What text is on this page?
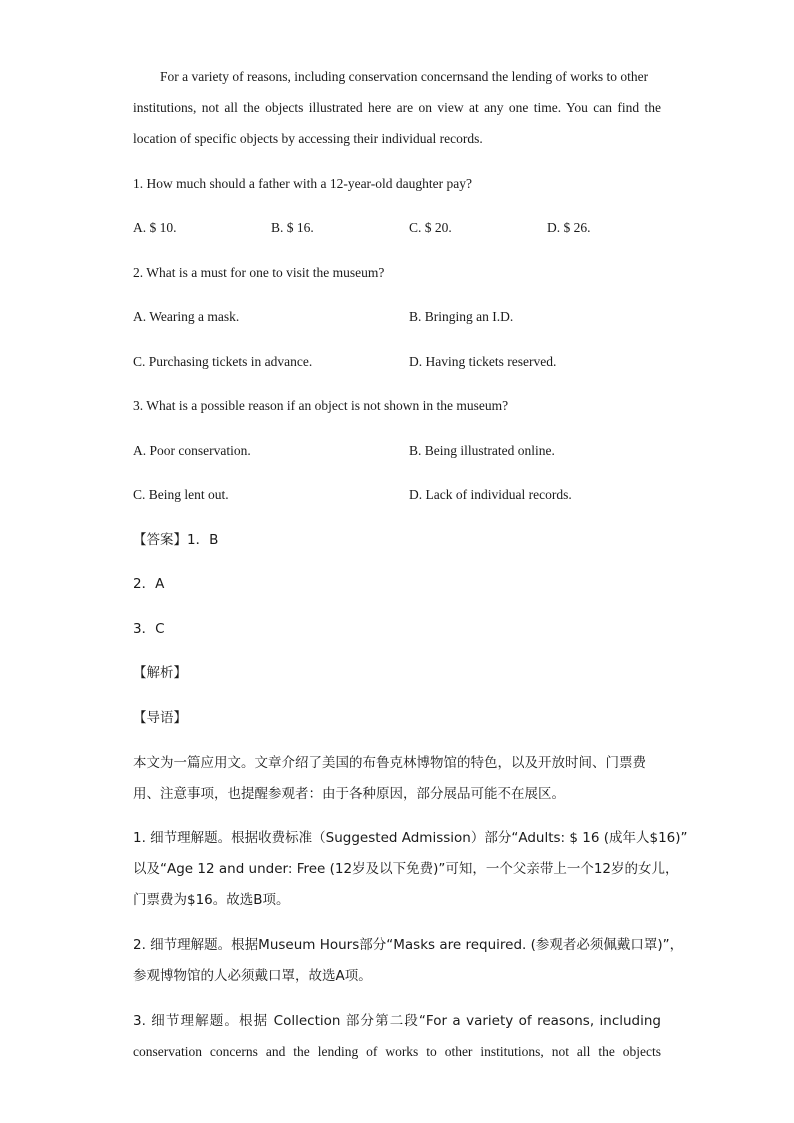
For a variety of reasons, including conservation concernsand the lending of works to other
institutions, not all the objects illustrated here are on view at any one time. You can find the
location of specific objects by accessing their individual records.
1. How much should a father with a 12-year-old daughter pay?
A. $ 10.	B. $ 16.	C. $ 20.	D. $ 26.
2. What is a must for one to visit the museum?
A. Wearing a mask.	B. Bringing an I.D.
C. Purchasing tickets in advance.	D. Having tickets reserved.
3. What is a possible reason if an object is not shown in the museum?
A. Poor conservation.	B. Being illustrated online.
C. Being lent out.	D. Lack of individual records.
【答案】1．B
2．A
3．C
【解析】
【导语】
本文为一篇应用文。文章介绍了美国的布鲁克林博物馆的特色，以及开放时间、门票费
用、注意事项，也提醒参观者：由于各种原因，部分展品可能不在展区。
1. 细节理解题。根据收费标准（Suggested Admission）部分“Adults: $ 16 (成年人$16)”
以及“Age 12 and under: Free (12岁及以下免费)”可知，一个父亲带上一个12岁的女儿，
门票费为$16。故选B项。
2. 细节理解题。根据Museum Hours部分“Masks are required. (参观者必须佩戴口罩)”，
参观博物馆的人必须戴口罩，故选A项。
3. 细节理解题。根据 Collection 部分第二段“For a variety of reasons, including
conservation concerns and the lending of works to other institutions, not all the objects
